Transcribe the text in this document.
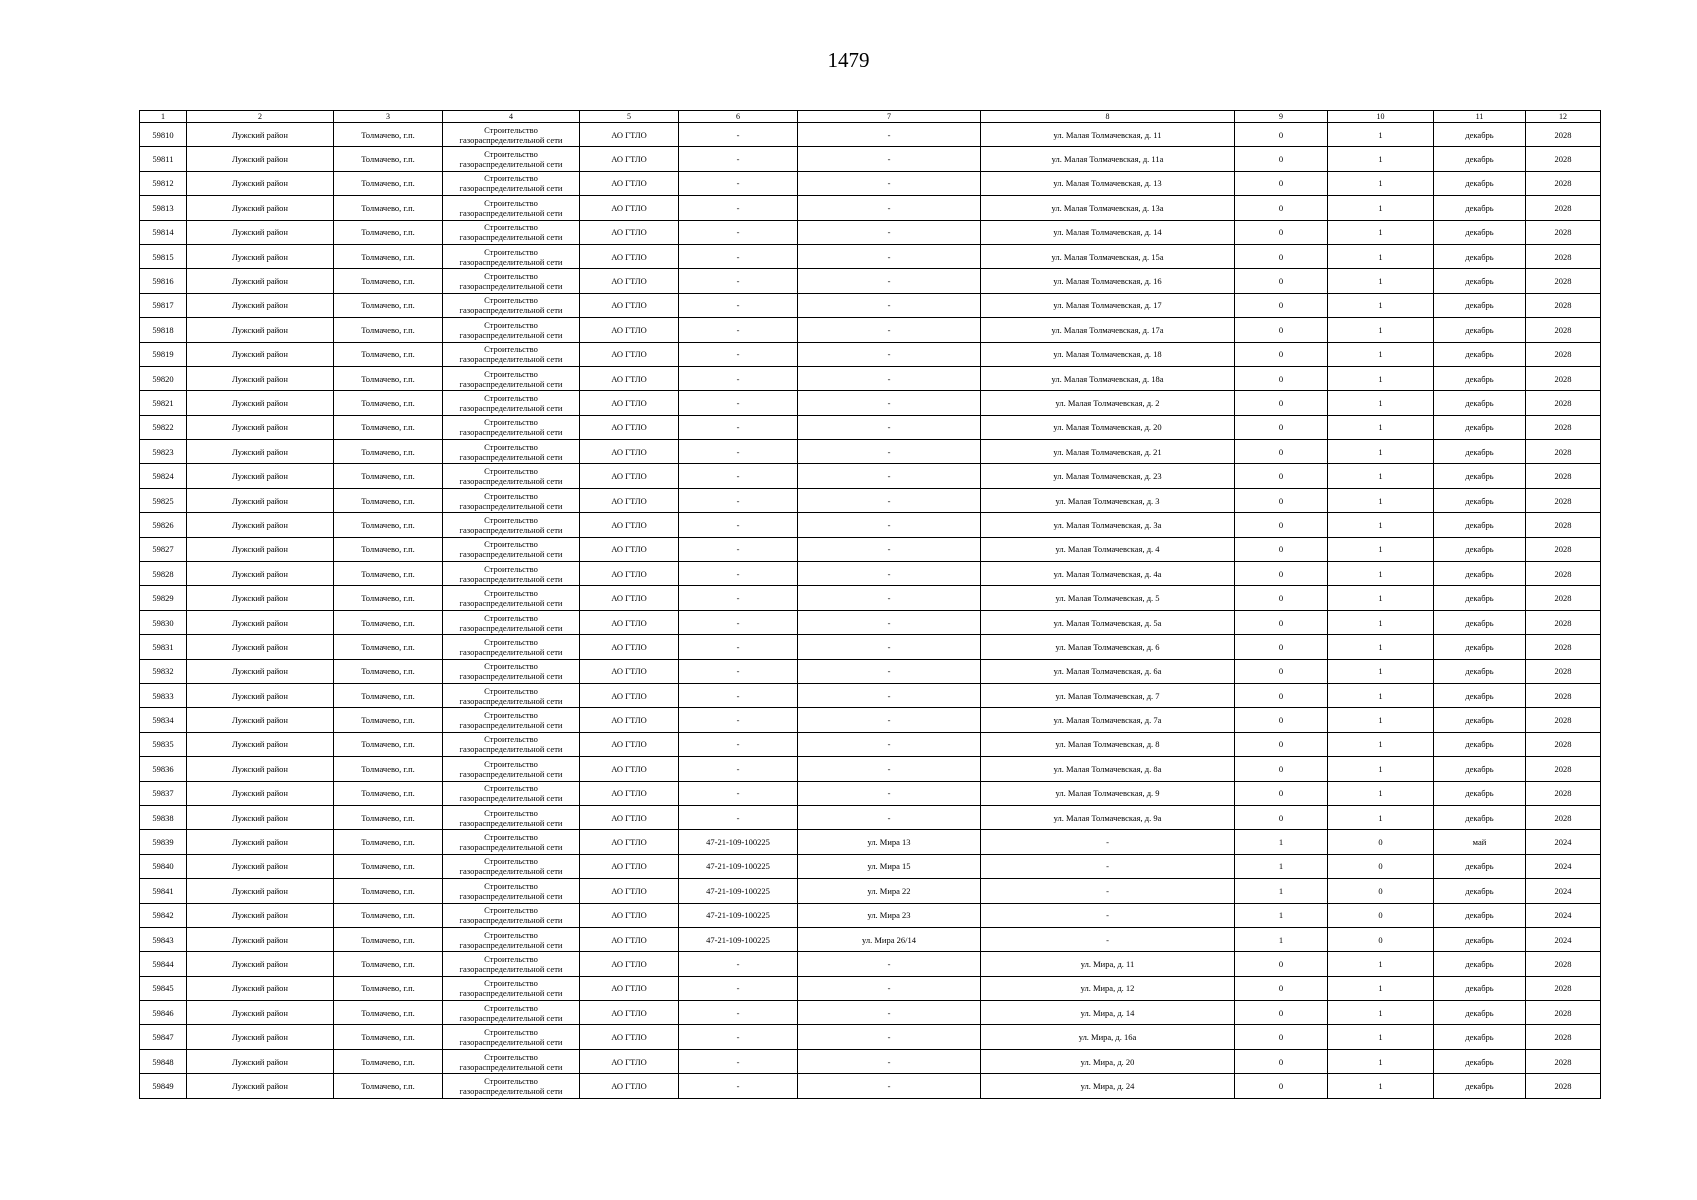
1479
1	2	3	4	5	6	7	8	9	10	11	12
59810	Лужский район	Толмачево, г.п.	Строительство газораспределительной сети	АО ГТЛО	-	-	ул. Малая Толмачевская, д. 11	0	1	декабрь	2028
59811	Лужский район	Толмачево, г.п.	Строительство газораспределительной сети	АО ГТЛО	-	-	ул. Малая Толмачевская, д. 11а	0	1	декабрь	2028
59812	Лужский район	Толмачево, г.п.	Строительство газораспределительной сети	АО ГТЛО	-	-	ул. Малая Толмачевская, д. 13	0	1	декабрь	2028
59813	Лужский район	Толмачево, г.п.	Строительство газораспределительной сети	АО ГТЛО	-	-	ул. Малая Толмачевская, д. 13а	0	1	декабрь	2028
59814	Лужский район	Толмачево, г.п.	Строительство газораспределительной сети	АО ГТЛО	-	-	ул. Малая Толмачевская, д. 14	0	1	декабрь	2028
59815	Лужский район	Толмачево, г.п.	Строительство газораспределительной сети	АО ГТЛО	-	-	ул. Малая Толмачевская, д. 15а	0	1	декабрь	2028
59816	Лужский район	Толмачево, г.п.	Строительство газораспределительной сети	АО ГТЛО	-	-	ул. Малая Толмачевская, д. 16	0	1	декабрь	2028
59817	Лужский район	Толмачево, г.п.	Строительство газораспределительной сети	АО ГТЛО	-	-	ул. Малая Толмачевская, д. 17	0	1	декабрь	2028
59818	Лужский район	Толмачево, г.п.	Строительство газораспределительной сети	АО ГТЛО	-	-	ул. Малая Толмачевская, д. 17а	0	1	декабрь	2028
59819	Лужский район	Толмачево, г.п.	Строительство газораспределительной сети	АО ГТЛО	-	-	ул. Малая Толмачевская, д. 18	0	1	декабрь	2028
59820	Лужский район	Толмачево, г.п.	Строительство газораспределительной сети	АО ГТЛО	-	-	ул. Малая Толмачевская, д. 18а	0	1	декабрь	2028
59821	Лужский район	Толмачево, г.п.	Строительство газораспределительной сети	АО ГТЛО	-	-	ул. Малая Толмачевская, д. 2	0	1	декабрь	2028
59822	Лужский район	Толмачево, г.п.	Строительство газораспределительной сети	АО ГТЛО	-	-	ул. Малая Толмачевская, д. 20	0	1	декабрь	2028
59823	Лужский район	Толмачево, г.п.	Строительство газораспределительной сети	АО ГТЛО	-	-	ул. Малая Толмачевская, д. 21	0	1	декабрь	2028
59824	Лужский район	Толмачево, г.п.	Строительство газораспределительной сети	АО ГТЛО	-	-	ул. Малая Толмачевская, д. 23	0	1	декабрь	2028
59825	Лужский район	Толмачево, г.п.	Строительство газораспределительной сети	АО ГТЛО	-	-	ул. Малая Толмачевская, д. 3	0	1	декабрь	2028
59826	Лужский район	Толмачево, г.п.	Строительство газораспределительной сети	АО ГТЛО	-	-	ул. Малая Толмачевская, д. 3а	0	1	декабрь	2028
59827	Лужский район	Толмачево, г.п.	Строительство газораспределительной сети	АО ГТЛО	-	-	ул. Малая Толмачевская, д. 4	0	1	декабрь	2028
59828	Лужский район	Толмачево, г.п.	Строительство газораспределительной сети	АО ГТЛО	-	-	ул. Малая Толмачевская, д. 4а	0	1	декабрь	2028
59829	Лужский район	Толмачево, г.п.	Строительство газораспределительной сети	АО ГТЛО	-	-	ул. Малая Толмачевская, д. 5	0	1	декабрь	2028
59830	Лужский район	Толмачево, г.п.	Строительство газораспределительной сети	АО ГТЛО	-	-	ул. Малая Толмачевская, д. 5а	0	1	декабрь	2028
59831	Лужский район	Толмачево, г.п.	Строительство газораспределительной сети	АО ГТЛО	-	-	ул. Малая Толмачевская, д. 6	0	1	декабрь	2028
59832	Лужский район	Толмачево, г.п.	Строительство газораспределительной сети	АО ГТЛО	-	-	ул. Малая Толмачевская, д. 6а	0	1	декабрь	2028
59833	Лужский район	Толмачево, г.п.	Строительство газораспределительной сети	АО ГТЛО	-	-	ул. Малая Толмачевская, д. 7	0	1	декабрь	2028
59834	Лужский район	Толмачево, г.п.	Строительство газораспределительной сети	АО ГТЛО	-	-	ул. Малая Толмачевская, д. 7а	0	1	декабрь	2028
59835	Лужский район	Толмачево, г.п.	Строительство газораспределительной сети	АО ГТЛО	-	-	ул. Малая Толмачевская, д. 8	0	1	декабрь	2028
59836	Лужский район	Толмачево, г.п.	Строительство газораспределительной сети	АО ГТЛО	-	-	ул. Малая Толмачевская, д. 8а	0	1	декабрь	2028
59837	Лужский район	Толмачево, г.п.	Строительство газораспределительной сети	АО ГТЛО	-	-	ул. Малая Толмачевская, д. 9	0	1	декабрь	2028
59838	Лужский район	Толмачево, г.п.	Строительство газораспределительной сети	АО ГТЛО	-	-	ул. Малая Толмачевская, д. 9а	0	1	декабрь	2028
59839	Лужский район	Толмачево, г.п.	Строительство газораспределительной сети	АО ГТЛО	47-21-109-100225	ул. Мира 13	-	1	0	май	2024
59840	Лужский район	Толмачево, г.п.	Строительство газораспределительной сети	АО ГТЛО	47-21-109-100225	ул. Мира 15	-	1	0	декабрь	2024
59841	Лужский район	Толмачево, г.п.	Строительство газораспределительной сети	АО ГТЛО	47-21-109-100225	ул. Мира 22	-	1	0	декабрь	2024
59842	Лужский район	Толмачево, г.п.	Строительство газораспределительной сети	АО ГТЛО	47-21-109-100225	ул. Мира 23	-	1	0	декабрь	2024
59843	Лужский район	Толмачево, г.п.	Строительство газораспределительной сети	АО ГТЛО	47-21-109-100225	ул. Мира 26/14	-	1	0	декабрь	2024
59844	Лужский район	Толмачево, г.п.	Строительство газораспределительной сети	АО ГТЛО	-	-	ул. Мира, д. 11	0	1	декабрь	2028
59845	Лужский район	Толмачево, г.п.	Строительство газораспределительной сети	АО ГТЛО	-	-	ул. Мира, д. 12	0	1	декабрь	2028
59846	Лужский район	Толмачево, г.п.	Строительство газораспределительной сети	АО ГТЛО	-	-	ул. Мира, д. 14	0	1	декабрь	2028
59847	Лужский район	Толмачево, г.п.	Строительство газораспределительной сети	АО ГТЛО	-	-	ул. Мира, д. 16а	0	1	декабрь	2028
59848	Лужский район	Толмачево, г.п.	Строительство газораспределительной сети	АО ГТЛО	-	-	ул. Мира, д. 20	0	1	декабрь	2028
59849	Лужский район	Толмачево, г.п.	Строительство газораспределительной сети	АО ГТЛО	-	-	ул. Мира, д. 24	0	1	декабрь	2028
